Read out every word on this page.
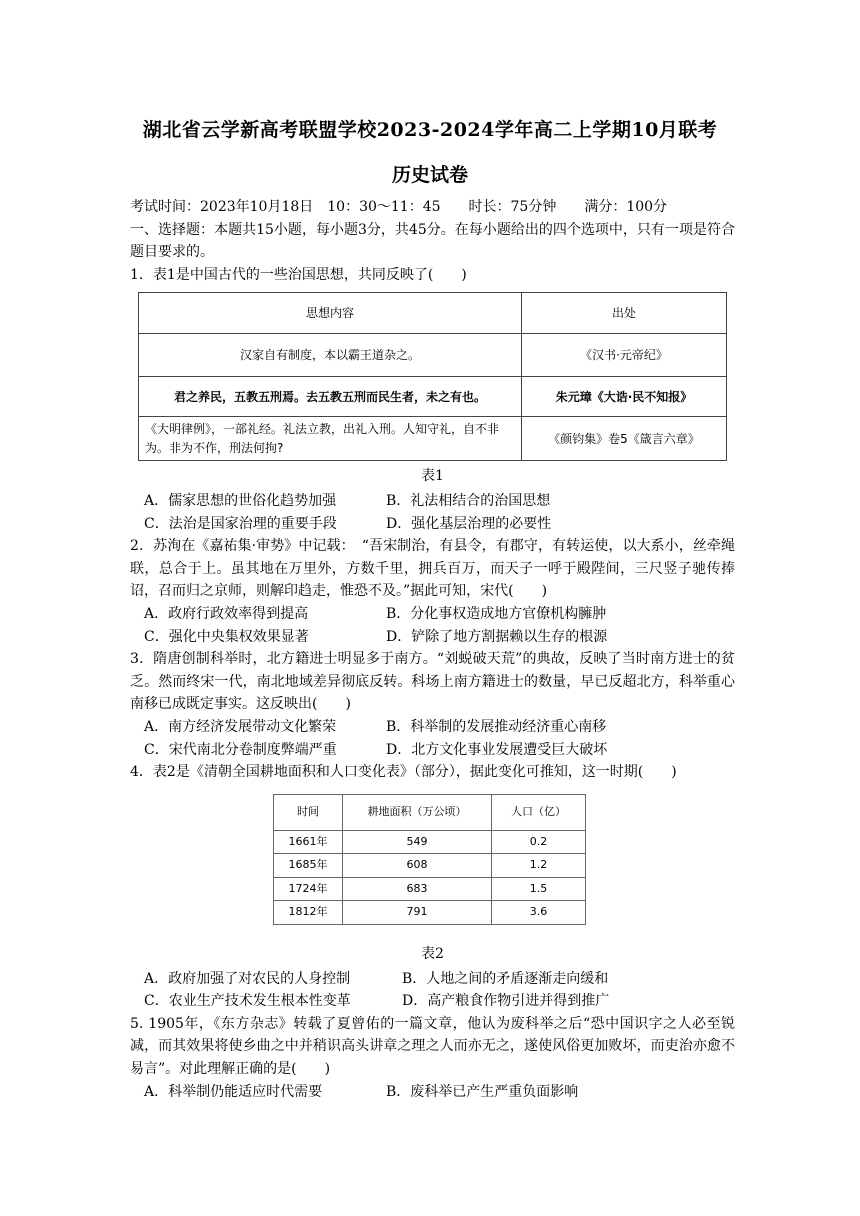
湖北省云学新高考联盟学校2023-2024学年高二上学期10月联考
历史试卷

考试时间：2023年10月18日　10：30～11：45　　时长：75分钟　　满分：100分

一、选择题：本题共15小题，每小题3分，共45分。在每小题给出的四个选项中，只有一项是符合题目要求的。

1．表1是中国古代的一些治国思想，共同反映了(　　)

思想内容	出处
汉家自有制度，本以霸王道杂之。	《汉书·元帝纪》
君之养民，五教五刑焉。去五教五刑而民生者，未之有也。	朱元璋《大诰·民不知报》
《大明律例》，一部礼经。礼法立教，出礼入刑。人知守礼，自不非为。非为不作，刑法何拘?	《颜钧集》卷5《箴言六章》
表1

A．儒家思想的世俗化趋势加强	B．礼法相结合的治国思想

C．法治是国家治理的重要手段	D．强化基层治理的必要性

2．苏洵在《嘉祐集·审势》中记载：　“吾宋制治，有县令，有郡守，有转运使，以大系小，丝牵绳联，总合于上。虽其地在万里外，方数千里，拥兵百万，而天子一呼于殿陛间，三尺竖子驰传捧诏，召而归之京师，则解印趋走，惟恐不及。”据此可知，宋代(　　)

A．政府行政效率得到提高	B．分化事权造成地方官僚机构臃肿

C．强化中央集权效果显著	D．铲除了地方割据赖以生存的根源

3．隋唐创制科举时，北方籍进士明显多于南方。“刘蜕破天荒”的典故，反映了当时南方进士的贫乏。然而终宋一代，南北地域差异彻底反转。科场上南方籍进士的数量，早已反超北方，科举重心南移已成既定事实。这反映出(　　)

A．南方经济发展带动文化繁荣	B．科举制的发展推动经济重心南移

C．宋代南北分卷制度弊端严重	D．北方文化事业发展遭受巨大破坏

4．表2是《清朝全国耕地面积和人口变化表》（部分），据此变化可推知，这一时期(　　)

时间	耕地面积（万公顷）	人口（亿）
1661年	549	0.2
1685年	608	1.2
1724年	683	1.5
1812年	791	3.6
表2

A．政府加强了对农民的人身控制	B．人地之间的矛盾逐渐走向缓和

C．农业生产技术发生根本性变革	D．高产粮食作物引进并得到推广

5. 1905年，《东方杂志》转载了夏曾佑的一篇文章，他认为废科举之后“恐中国识字之人必至锐减，而其效果将使乡曲之中并稍识高头讲章之理之人而亦无之，遂使风俗更加败坏，而吏治亦愈不易言”。对此理解正确的是(　　)

A．科举制仍能适应时代需要	B．废科举已产生严重负面影响
